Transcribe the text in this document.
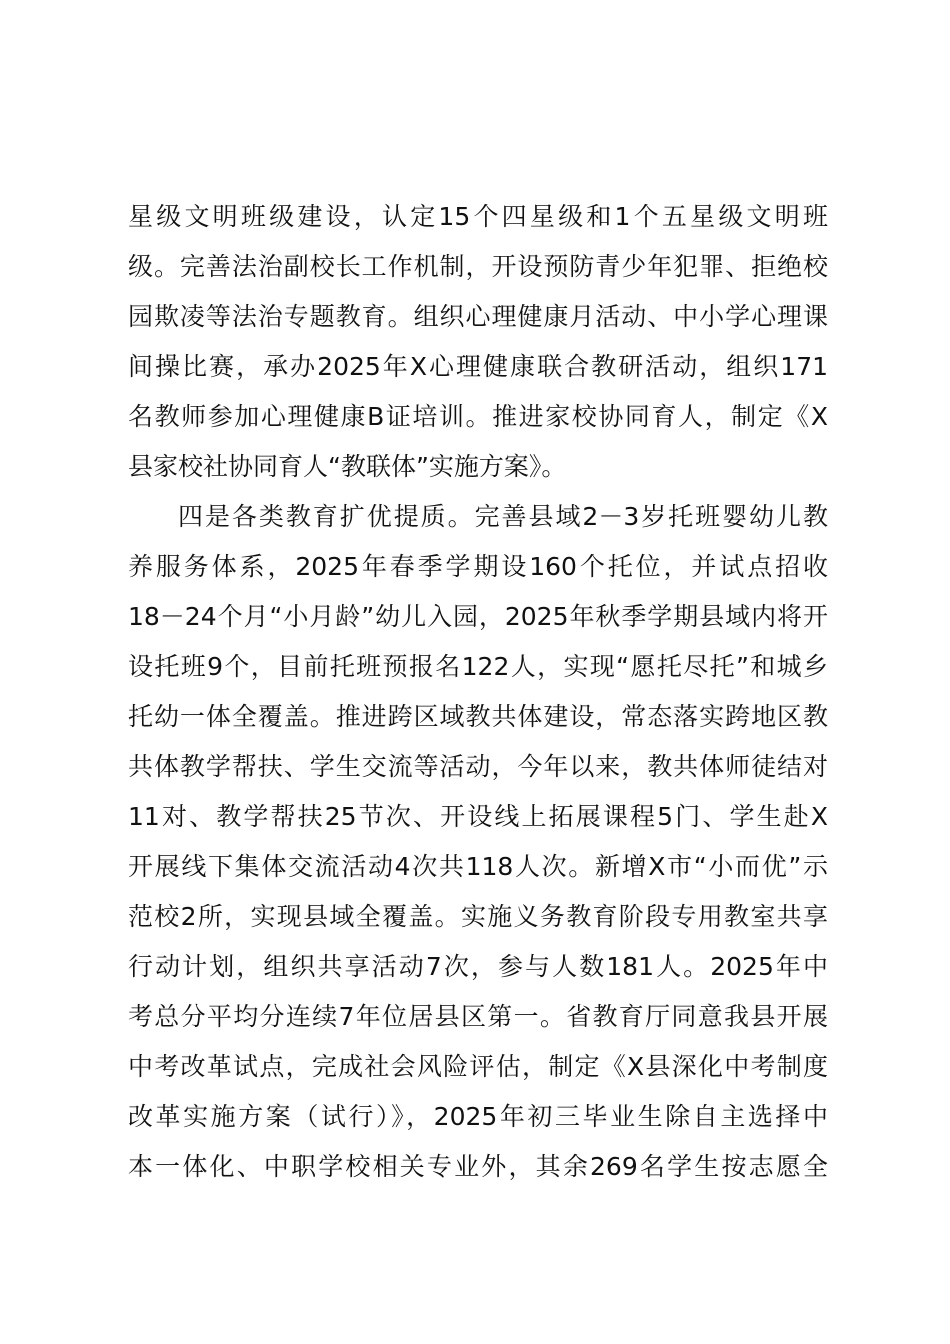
星级文明班级建设，认定15个四星级和1个五星级文明班
级。完善法治副校长工作机制，开设预防青少年犯罪、拒绝校
园欺凌等法治专题教育。组织心理健康月活动、中小学心理课
间操比赛，承办2025年X心理健康联合教研活动，组织171
名教师参加心理健康B证培训。推进家校协同育人，制定《X
县家校社协同育人“教联体”实施方案》。
四是各类教育扩优提质。完善县域2－3岁托班婴幼儿教
养服务体系，2025年春季学期设160个托位，并试点招收
18－24个月“小月龄”幼儿入园，2025年秋季学期县域内将开
设托班9个，目前托班预报名122人，实现“愿托尽托”和城乡
托幼一体全覆盖。推进跨区域教共体建设，常态落实跨地区教
共体教学帮扶、学生交流等活动，今年以来，教共体师徒结对
11对、教学帮扶25节次、开设线上拓展课程5门、学生赴X
开展线下集体交流活动4次共118人次。新增X市“小而优”示
范校2所，实现县域全覆盖。实施义务教育阶段专用教室共享
行动计划，组织共享活动7次，参与人数181人。2025年中
考总分平均分连续7年位居县区第一。省教育厅同意我县开展
中考改革试点，完成社会风险评估，制定《X县深化中考制度
改革实施方案（试行）》，2025年初三毕业生除自主选择中
本一体化、中职学校相关专业外，其余269名学生按志愿全
